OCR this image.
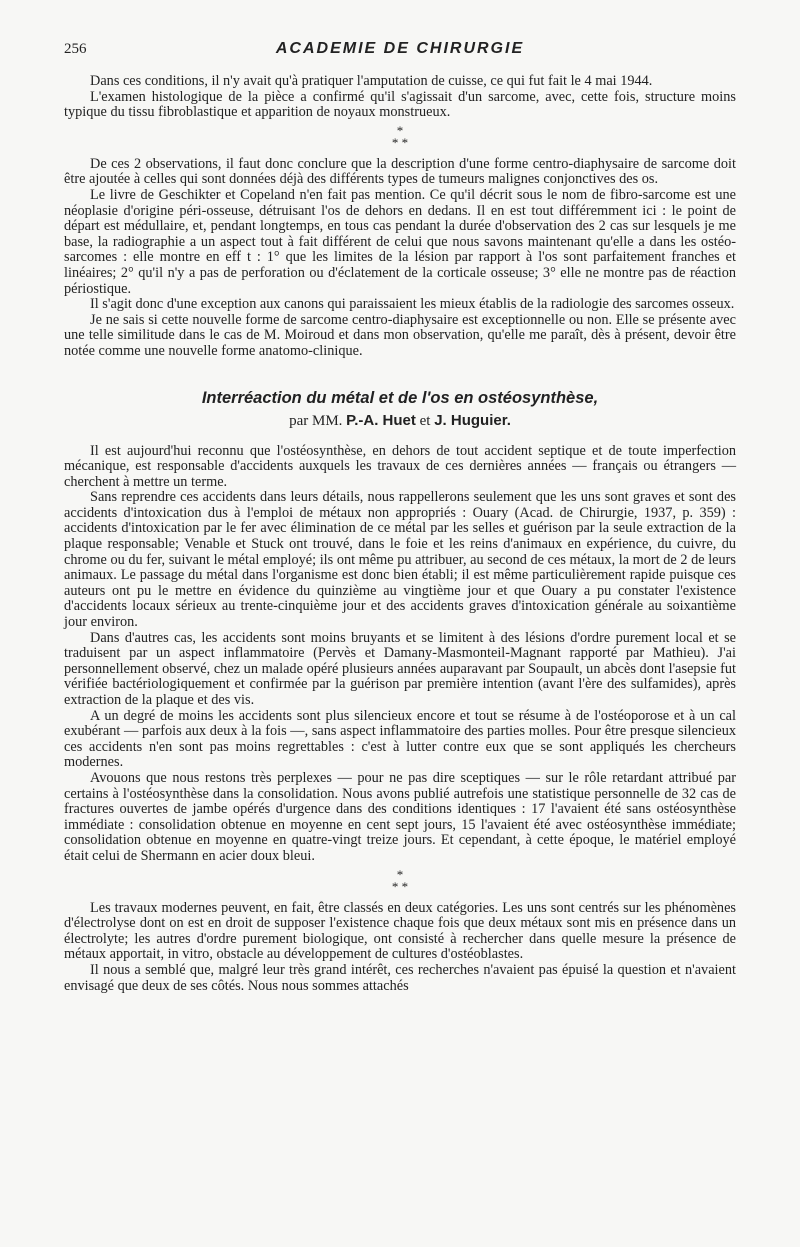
256	ACADEMIE DE CHIRURGIE

Dans ces conditions, il n'y avait qu'à pratiquer l'amputation de cuisse, ce qui fut fait le 4 mai 1944.

L'examen histologique de la pièce a confirmé qu'il s'agissait d'un sarcome, avec, cette fois, structure moins typique du tissu fibroblastique et apparition de noyaux monstrueux.

*
* *

De ces 2 observations, il faut donc conclure que la description d'une forme centro-diaphysaire de sarcome doit être ajoutée à celles qui sont données déjà des différents types de tumeurs malignes conjonctives des os.

Le livre de Geschikter et Copeland n'en fait pas mention. Ce qu'il décrit sous le nom de fibro-sarcome est une néoplasie d'origine péri-osseuse, détruisant l'os de dehors en dedans. Il en est tout différemment ici : le point de départ est médullaire, et, pendant longtemps, en tous cas pendant la durée d'observation des 2 cas sur lesquels je me base, la radiographie a un aspect tout à fait différent de celui que nous savons maintenant qu'elle a dans les ostéo-sarcomes : elle montre en eff t : 1° que les limites de la lésion par rapport à l'os sont parfaitement franches et linéaires; 2° qu'il n'y a pas de perforation ou d'éclatement de la corticale osseuse; 3° elle ne montre pas de réaction périostique.

Il s'agit donc d'une exception aux canons qui paraissaient les mieux établis de la radiologie des sarcomes osseux.

Je ne sais si cette nouvelle forme de sarcome centro-diaphysaire est exceptionnelle ou non. Elle se présente avec une telle similitude dans le cas de M. Moiroud et dans mon observation, qu'elle me paraît, dès à présent, devoir être notée comme une nouvelle forme anatomo-clinique.

Interréaction du métal et de l'os en ostéosynthèse,
par MM. P.-A. Huet et J. Huguier.

Il est aujourd'hui reconnu que l'ostéosynthèse, en dehors de tout accident septique et de toute imperfection mécanique, est responsable d'accidents auxquels les travaux de ces dernières années — français ou étrangers — cherchent à mettre un terme.

Sans reprendre ces accidents dans leurs détails, nous rappellerons seulement que les uns sont graves et sont des accidents d'intoxication dus à l'emploi de métaux non appropriés : Ouary (Acad. de Chirurgie, 1937, p. 359) : accidents d'intoxication par le fer avec élimination de ce métal par les selles et guérison par la seule extraction de la plaque responsable; Venable et Stuck ont trouvé, dans le foie et les reins d'animaux en expérience, du cuivre, du chrome ou du fer, suivant le métal employé; ils ont même pu attribuer, au second de ces métaux, la mort de 2 de leurs animaux. Le passage du métal dans l'organisme est donc bien établi; il est même particulièrement rapide puisque ces auteurs ont pu le mettre en évidence du quinzième au vingtième jour et que Ouary a pu constater l'existence d'accidents locaux sérieux au trente-cinquième jour et des accidents graves d'intoxication générale au soixantième jour environ.

Dans d'autres cas, les accidents sont moins bruyants et se limitent à des lésions d'ordre purement local et se traduisent par un aspect inflammatoire (Pervès et Damany-Masmonteil-Magnant rapporté par Mathieu). J'ai personnellement observé, chez un malade opéré plusieurs années auparavant par Soupault, un abcès dont l'asepsie fut vérifiée bactériologiquement et confirmée par la guérison par première intention (avant l'ère des sulfamides), après extraction de la plaque et des vis.

A un degré de moins les accidents sont plus silencieux encore et tout se résume à de l'ostéoporose et à un cal exubérant — parfois aux deux à la fois —, sans aspect inflammatoire des parties molles. Pour être presque silencieux ces accidents n'en sont pas moins regrettables : c'est à lutter contre eux que se sont appliqués les chercheurs modernes.

Avouons que nous restons très perplexes — pour ne pas dire sceptiques — sur le rôle retardant attribué par certains à l'ostéosynthèse dans la consolidation. Nous avons publié autrefois une statistique personnelle de 32 cas de fractures ouvertes de jambe opérés d'urgence dans des conditions identiques : 17 l'avaient été sans ostéosynthèse immédiate : consolidation obtenue en moyenne en cent sept jours, 15 l'avaient été avec ostéosynthèse immédiate; consolidation obtenue en moyenne en quatre-vingt treize jours. Et cependant, à cette époque, le matériel employé était celui de Shermann en acier doux bleui.

*
* *

Les travaux modernes peuvent, en fait, être classés en deux catégories. Les uns sont centrés sur les phénomènes d'électrolyse dont on est en droit de supposer l'existence chaque fois que deux métaux sont mis en présence dans un électrolyte; les autres d'ordre purement biologique, ont consisté à rechercher dans quelle mesure la présence de métaux apportait, in vitro, obstacle au développement de cultures d'ostéoblastes.

Il nous a semblé que, malgré leur très grand intérêt, ces recherches n'avaient pas épuisé la question et n'avaient envisagé que deux de ses côtés. Nous nous sommes attachés
